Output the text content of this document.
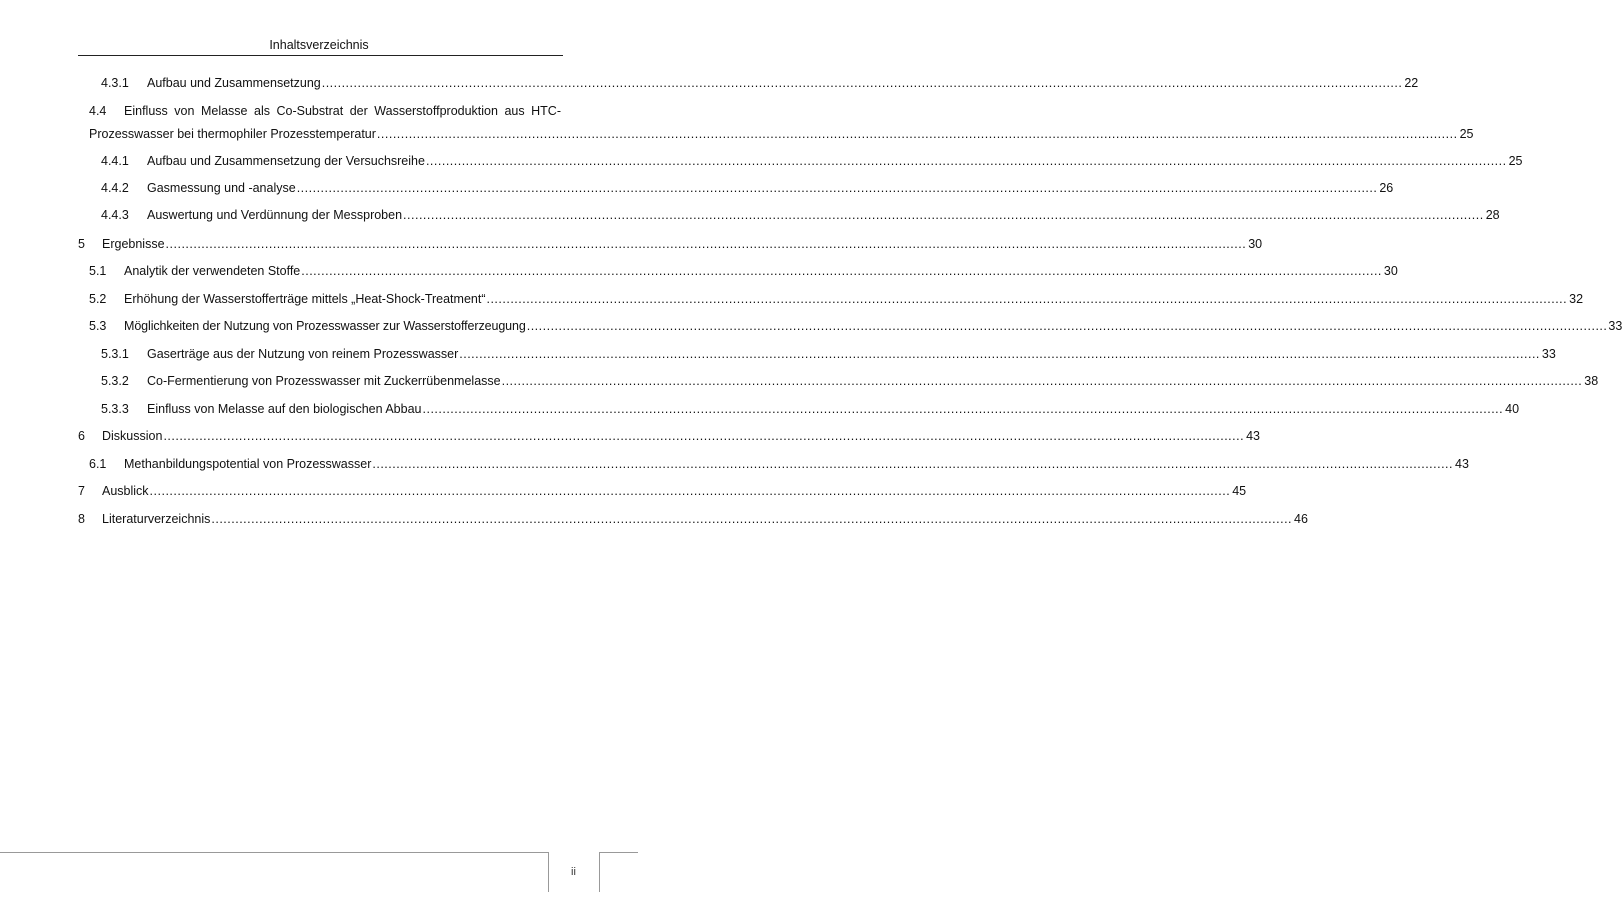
Inhaltsverzeichnis
4.3.1	Aufbau und Zusammensetzung .....	22
4.4	Einfluss von Melasse als Co-Substrat der Wasserstoffproduktion aus HTC-
Prozesswasser bei thermophiler Prozesstemperatur .....	25
4.4.1	Aufbau und Zusammensetzung der Versuchsreihe .....	25
4.4.2	Gasmessung und -analyse .....	26
4.4.3	Auswertung und Verdünnung der Messproben .....	28
5	Ergebnisse .....	30
5.1	Analytik der verwendeten Stoffe .....	30
5.2	Erhöhung der Wasserstofferträge mittels „Heat-Shock-Treatment“ .....	32
5.3	Möglichkeiten der Nutzung von Prozesswasser zur Wasserstofferzeugung .....	33
5.3.1	Gaserträge aus der Nutzung von reinem Prozesswasser .....	33
5.3.2	Co-Fermentierung von Prozesswasser mit Zuckerrübenmelasse .....	38
5.3.3	Einfluss von Melasse auf den biologischen Abbau .....	40
6	Diskussion .....	43
6.1	Methanbildungspotential von Prozesswasser .....	43
7	Ausblick .....	45
8	Literaturverzeichnis .....	46
ii
